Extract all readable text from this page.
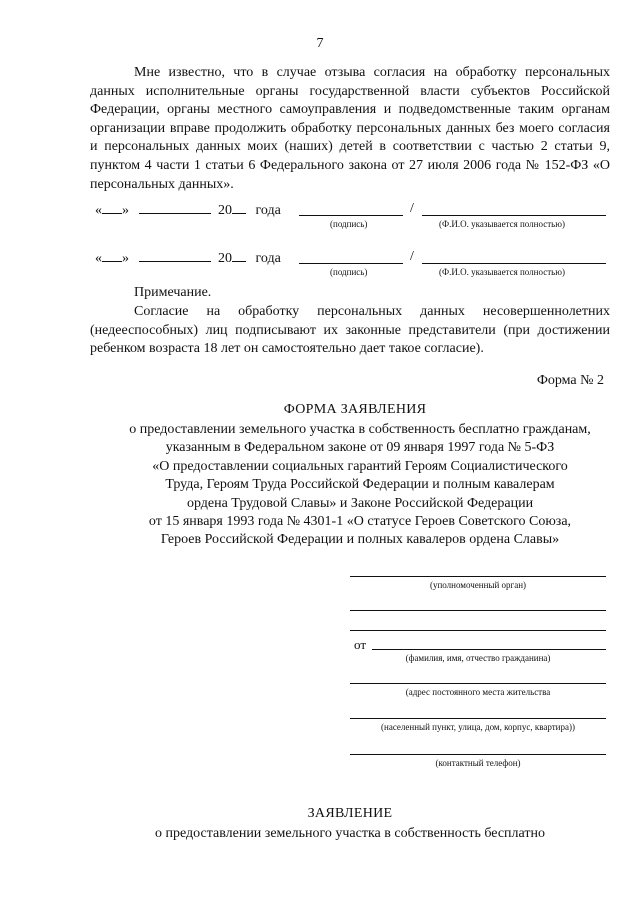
7
Мне известно, что в случае отзыва согласия на обработку персональных данных исполнительные органы государственной власти субъектов Российской Федерации, органы местного самоуправления и подведомственные таким органам организации вправе продолжить обработку персональных данных без моего согласия и персональных данных моих (наших) детей в соответствии с частью 2 статьи 9, пунктом 4 части 1 статьи 6 Федерального закона от 27 июля 2006 года № 152-ФЗ «О персональных данных».
« »	20 года	/
(подпись)	(Ф.И.О. указывается полностью)
« »	20 года	/
(подпись)	(Ф.И.О. указывается полностью)
Примечание.
Согласие на обработку персональных данных несовершеннолетних (недееспособных) лиц подписывают их законные представители (при достижении ребенком возраста 18 лет он самостоятельно дает такое согласие).
Форма № 2
ФОРМА ЗАЯВЛЕНИЯ
о предоставлении земельного участка в собственность бесплатно гражданам,
указанным в Федеральном законе от 09 января 1997 года № 5-ФЗ
«О предоставлении социальных гарантий Героям Социалистического
Труда, Героям Труда Российской Федерации и полным кавалерам
ордена Трудовой Славы» и Законе Российской Федерации
от 15 января 1993 года № 4301-1 «О статусе Героев Советского Союза,
Героев Российской Федерации и полных кавалеров ордена Славы»
(уполномоченный орган)
от
(фамилия, имя, отчество гражданина)
(адрес постоянного места жительства
(населенный пункт, улица, дом, корпус, квартира))
(контактный телефон)
ЗАЯВЛЕНИЕ
о предоставлении земельного участка в собственность бесплатно
